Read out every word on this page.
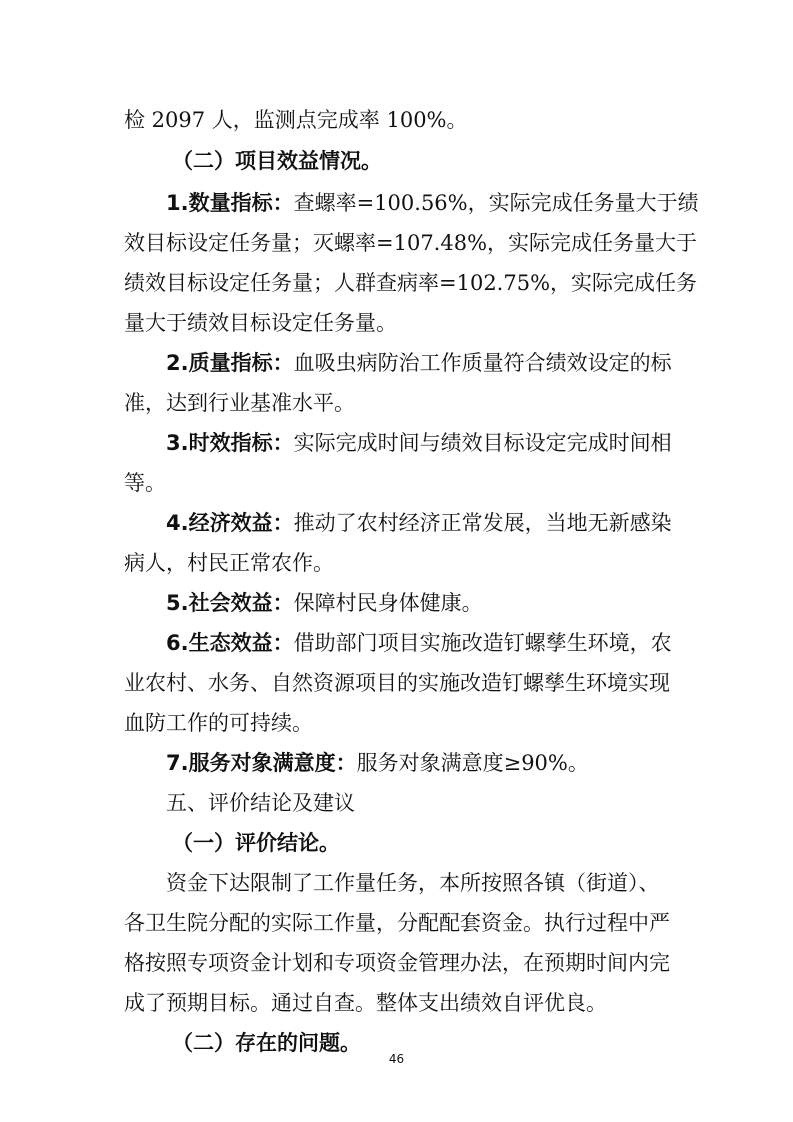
检 2097 人，监测点完成率 100%。
（二）项目效益情况。
1.数量指标：查螺率=100.56%，实际完成任务量大于绩
效目标设定任务量；灭螺率=107.48%，实际完成任务量大于
绩效目标设定任务量；人群查病率=102.75%，实际完成任务
量大于绩效目标设定任务量。
2.质量指标：血吸虫病防治工作质量符合绩效设定的标
准，达到行业基准水平。
3.时效指标：实际完成时间与绩效目标设定完成时间相
等。
4.经济效益：推动了农村经济正常发展，当地无新感染
病人，村民正常农作。
5.社会效益：保障村民身体健康。
6.生态效益：借助部门项目实施改造钉螺孳生环境，农
业农村、水务、自然资源项目的实施改造钉螺孳生环境实现
血防工作的可持续。
7.服务对象满意度：服务对象满意度≥90%。
五、评价结论及建议
（一）评价结论。
资金下达限制了工作量任务，本所按照各镇（街道）、
各卫生院分配的实际工作量，分配配套资金。执行过程中严
格按照专项资金计划和专项资金管理办法，在预期时间内完
成了预期目标。通过自查。整体支出绩效自评优良。
（二）存在的问题。
46
